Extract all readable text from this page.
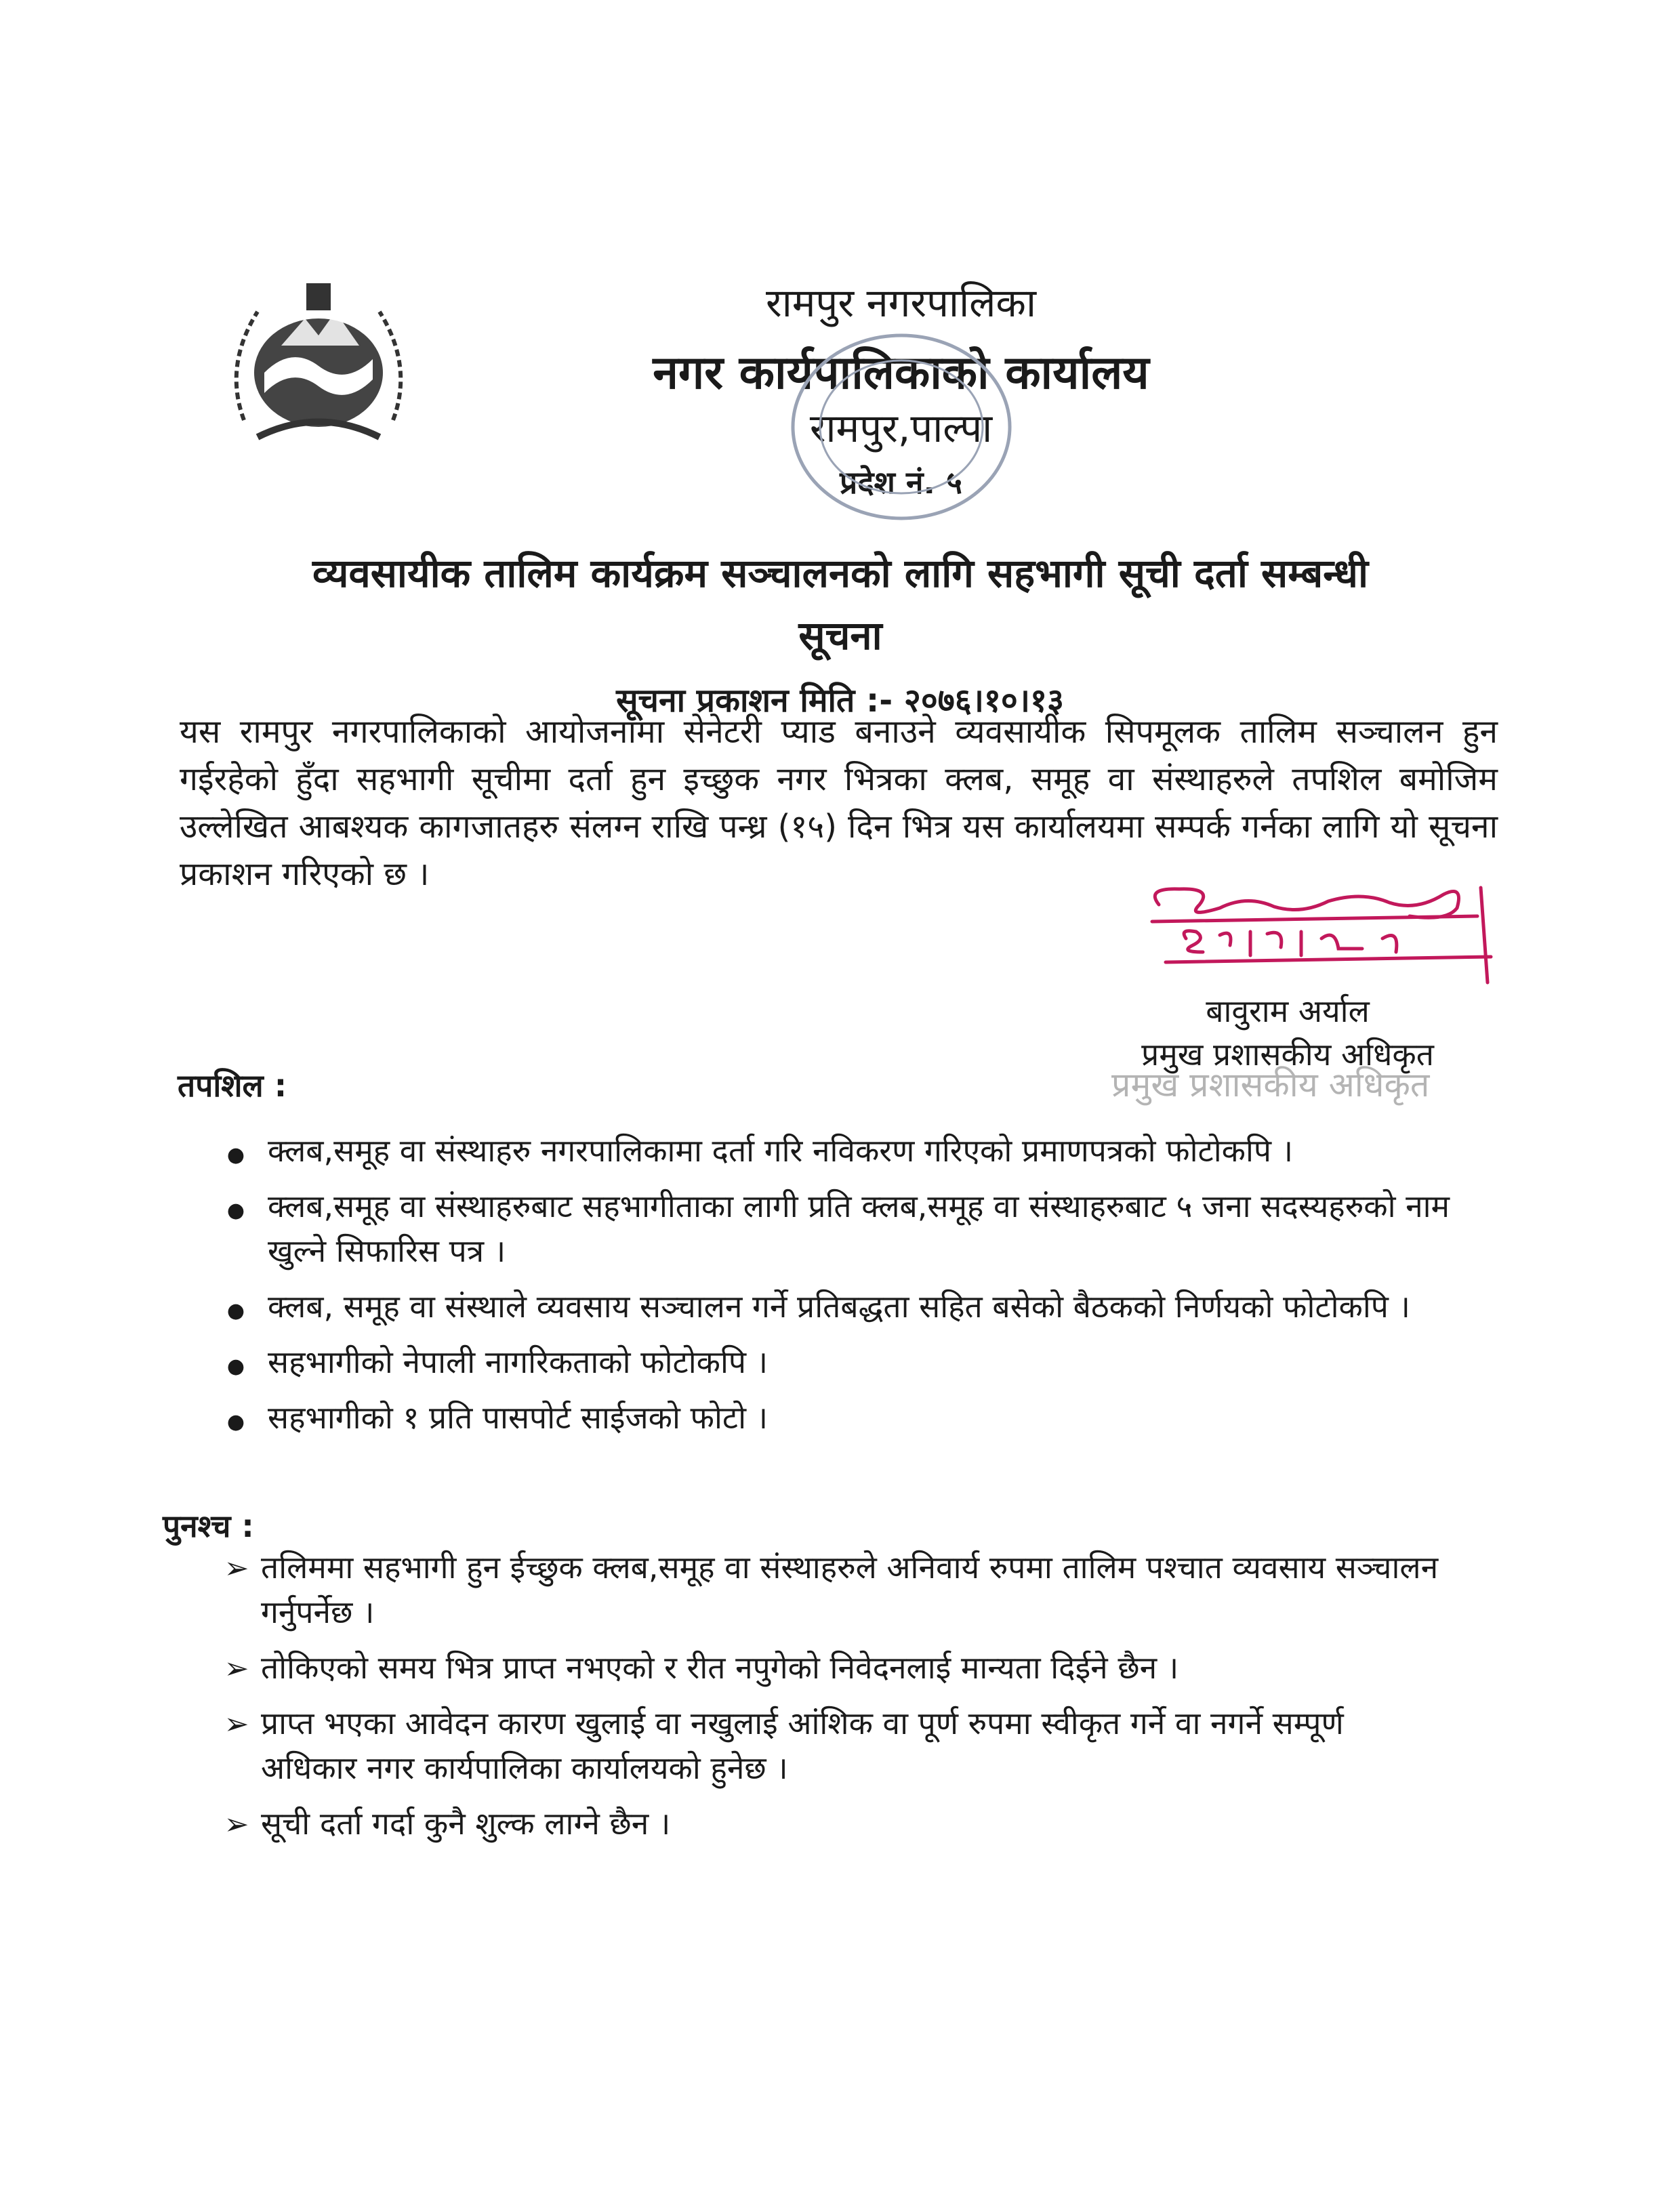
रामपुर नगरपालिका
नगर कार्यपालिकाको कार्यालय
रामपुर,पाल्पा
प्रदेश नं. ५
व्यवसायीक तालिम कार्यक्रम सञ्चालनको लागि सहभागी सूची दर्ता सम्बन्धी
सूचना
सूचना प्रकाशन मिति :- २०७६।१०।१३
यस रामपुर नगरपालिकाको आयोजनामा सेनेटरी प्याड बनाउने व्यवसायीक सिपमूलक तालिम सञ्चालन हुन गईरहेको हुँदा सहभागी सूचीमा दर्ता हुन इच्छुक नगर भित्रका क्लब, समूह वा संस्थाहरुले तपशिल बमोजिम उल्लेखित आबश्यक कागजातहरु संलग्न राखि पन्ध्र (१५) दिन भित्र यस कार्यालयमा सम्पर्क गर्नका लागि यो सूचना प्रकाशन गरिएको छ ।
बावुराम अर्याल
प्रमुख प्रशासकीय अधिकृत
प्रमुख प्रशासकीय अधिकृत
तपशिल :
●
क्लब,समूह वा संस्थाहरु नगरपालिकामा दर्ता गरि नविकरण गरिएको प्रमाणपत्रको फोटोकपि ।
●
क्लब,समूह वा संस्थाहरुबाट सहभागीताका लागी प्रति क्लब,समूह वा संस्थाहरुबाट ५ जना सदस्यहरुको नाम खुल्ने सिफारिस पत्र ।
●
क्लब, समूह वा संस्थाले व्यवसाय सञ्चालन गर्ने प्रतिबद्धता सहित बसेको बैठकको निर्णयको फोटोकपि ।
●
सहभागीको नेपाली नागरिकताको फोटोकपि ।
●
सहभागीको १ प्रति पासपोर्ट साईजको फोटो ।
पुनश्च :
➢
तलिममा सहभागी हुन ईच्छुक क्लब,समूह वा संस्थाहरुले अनिवार्य रुपमा तालिम पश्चात व्यवसाय सञ्चालन गर्नुपर्नेछ ।
➢
तोकिएको समय भित्र प्राप्त नभएको र रीत नपुगेको निवेदनलाई मान्यता दिईने छैन ।
➢
प्राप्त भएका आवेदन कारण खुलाई वा नखुलाई आंशिक वा पूर्ण रुपमा स्वीकृत गर्ने वा नगर्ने सम्पूर्ण अधिकार नगर कार्यपालिका कार्यालयको हुनेछ ।
➢
सूची दर्ता गर्दा कुनै शुल्क लाग्ने छैन ।
